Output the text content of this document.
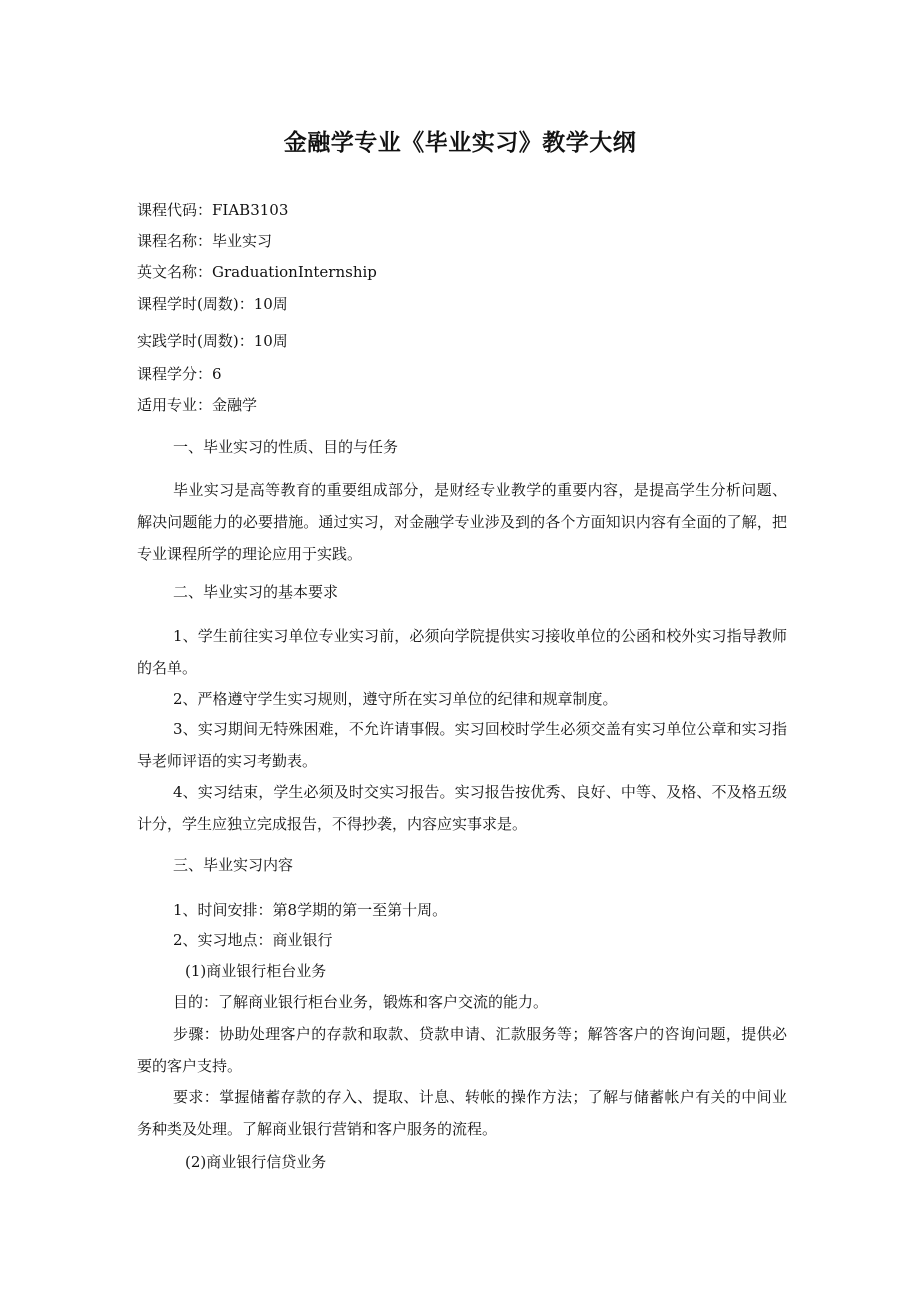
金融学专业《毕业实习》教学大纲
课程代码：FIAB3103
课程名称：毕业实习
英文名称：GraduationInternship
课程学时(周数)：10周
实践学时(周数)：10周
课程学分：6
适用专业：金融学
一、毕业实习的性质、目的与任务
毕业实习是高等教育的重要组成部分，是财经专业教学的重要内容，是提高学生分析问题、解决问题能力的必要措施。通过实习，对金融学专业涉及到的各个方面知识内容有全面的了解，把专业课程所学的理论应用于实践。
二、毕业实习的基本要求
1、学生前往实习单位专业实习前，必须向学院提供实习接收单位的公函和校外实习指导教师的名单。
2、严格遵守学生实习规则，遵守所在实习单位的纪律和规章制度。
3、实习期间无特殊困难，不允许请事假。实习回校时学生必须交盖有实习单位公章和实习指导老师评语的实习考勤表。
4、实习结束，学生必须及时交实习报告。实习报告按优秀、良好、中等、及格、不及格五级计分，学生应独立完成报告，不得抄袭，内容应实事求是。
三、毕业实习内容
1、时间安排：第8学期的第一至第十周。
2、实习地点：商业银行
(1)商业银行柜台业务
目的：了解商业银行柜台业务，锻炼和客户交流的能力。
步骤：协助处理客户的存款和取款、贷款申请、汇款服务等；解答客户的咨询问题，提供必要的客户支持。
要求：掌握储蓄存款的存入、提取、计息、转帐的操作方法；了解与储蓄帐户有关的中间业务种类及处理。了解商业银行营销和客户服务的流程。
(2)商业银行信贷业务
